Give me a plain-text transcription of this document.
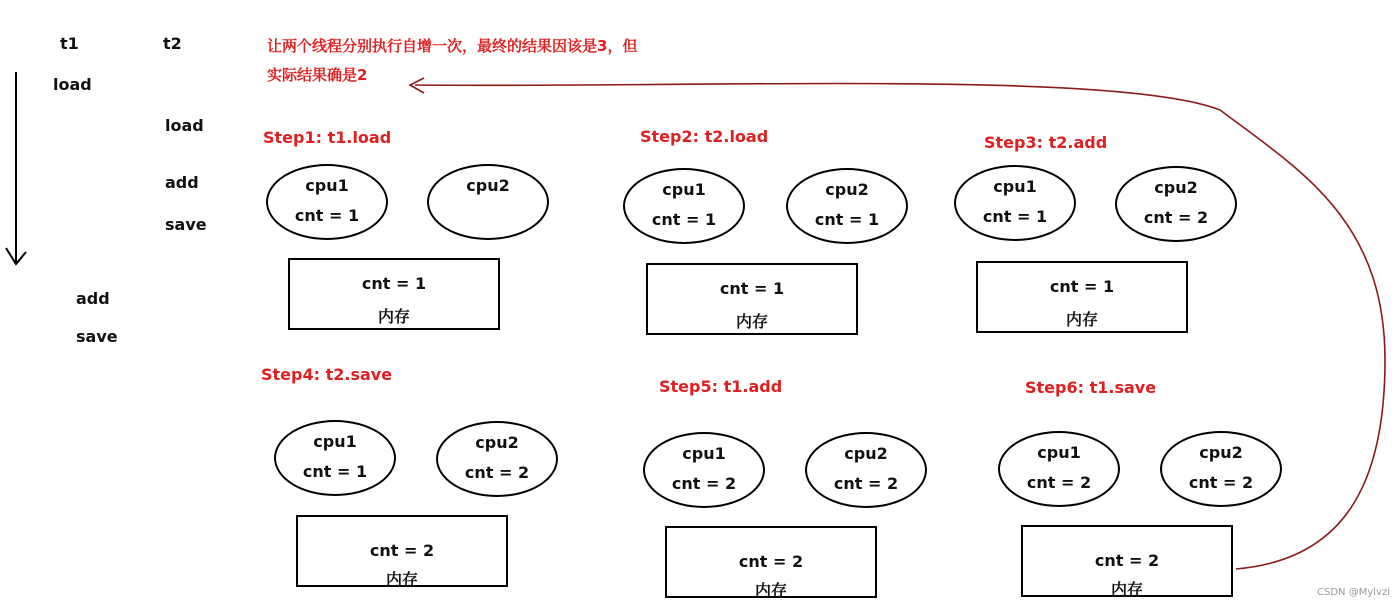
t1	t2
load
load
add
save
add
save
让两个线程分别执行自增一次，最终的结果因该是3，但
实际结果确是2
Step1: t1.load
cpu1
cnt = 1
cpu2
cnt = 1
内存
Step2: t2.load
cpu1
cnt = 1
cpu2
cnt = 1
cnt = 1
内存
Step3: t2.add
cpu1
cnt = 1
cpu2
cnt = 2
cnt = 1
内存
Step4: t2.save
cpu1
cnt = 1
cpu2
cnt = 2
cnt = 2
内存
Step5: t1.add
cpu1
cnt = 2
cpu2
cnt = 2
cnt = 2
内存
Step6: t1.save
cpu1
cnt = 2
cpu2
cnt = 2
cnt = 2
内存	CSDN @Mylvzi
